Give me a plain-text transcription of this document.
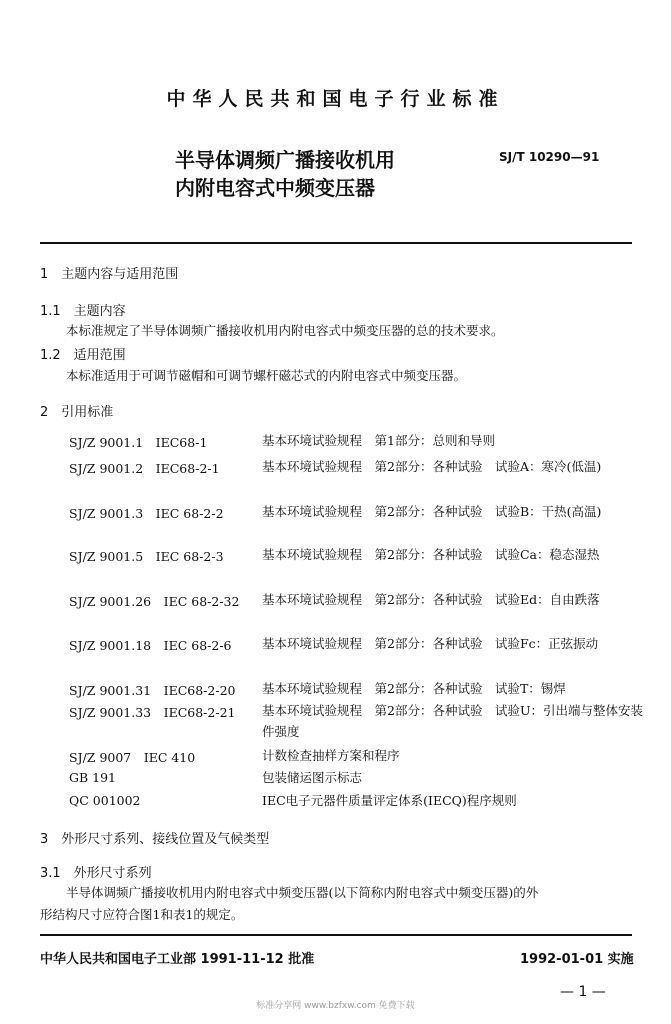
中华人民共和国电子行业标准
半导体调频广播接收机用
内附电容式中频变压器
SJ/T 10290—91
1　主题内容与适用范围
1.1　主题内容
本标准规定了半导体调频广播接收机用内附电容式中频变压器的总的技术要求。
1.2　适用范围
本标准适用于可调节磁帽和可调节螺杆磁芯式的内附电容式中频变压器。
2　引用标准
SJ/Z 9001.1　IEC68-1	基本环境试验规程　第1部分：总则和导则
SJ/Z 9001.2　IEC68-2-1	基本环境试验规程　第2部分：各种试验　试验A：寒冷(低温)
SJ/Z 9001.3　IEC 68-2-2	基本环境试验规程　第2部分：各种试验　试验B：干热(高温)
SJ/Z 9001.5　IEC 68-2-3	基本环境试验规程　第2部分：各种试验　试验Ca：稳态湿热
SJ/Z 9001.26　IEC 68-2-32 基本环境试验规程　第2部分：各种试验　试验Ed：自由跌落
SJ/Z 9001.18　IEC 68-2-6 基本环境试验规程　第2部分：各种试验　试验Fc：正弦振动
SJ/Z 9001.31　IEC68-2-20 基本环境试验规程　第2部分：各种试验　试验T：锡焊
SJ/Z 9001.33　IEC68-2-21 基本环境试验规程　第2部分：各种试验　试验U：引出端与整体安装件强度
SJ/Z 9007　IEC 410	计数检查抽样方案和程序
GB 191	包装储运图示标志
QC 001002	IEC电子元器件质量评定体系(IECQ)程序规则
3　外形尺寸系列、接线位置及气候类型
3.1　外形尺寸系列
半导体调频广播接收机用内附电容式中频变压器(以下简称内附电容式中频变压器)的外
形结构尺寸应符合图1和表1的规定。
中华人民共和国电子工业部 1991-11-12 批准	1992-01-01 实施
— 1 —
标准分享网 www.bzfxw.com 免费下载
